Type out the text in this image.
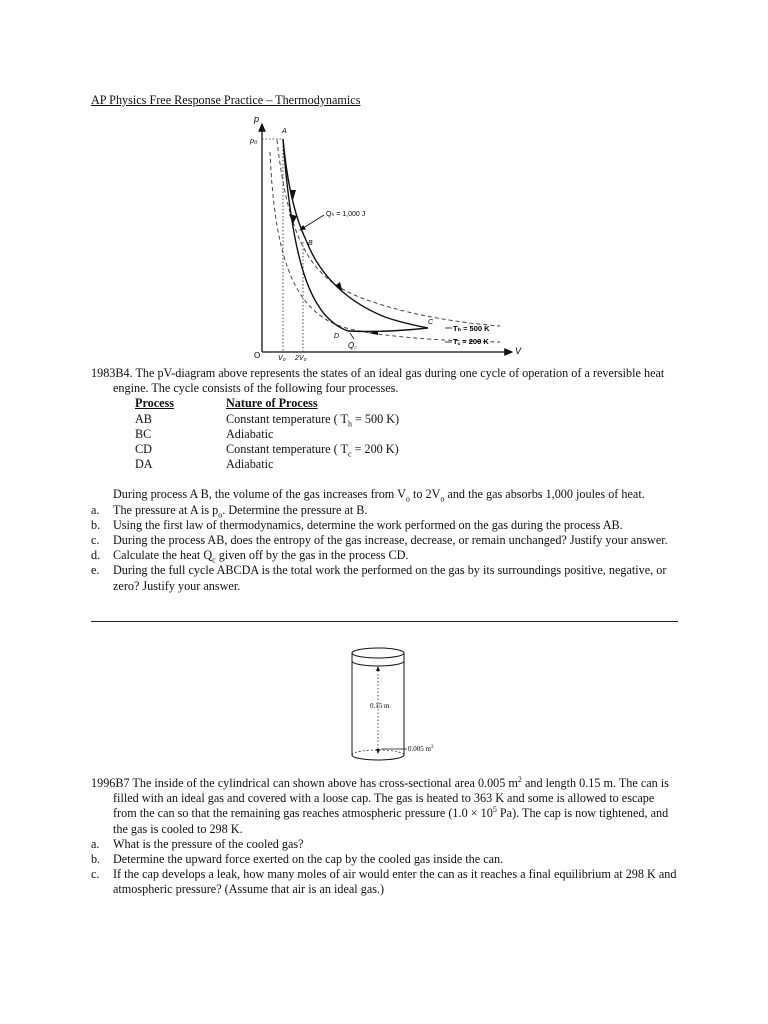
AP Physics Free Response Practice – Thermodynamics
p
V
O
p₀
V₀ 2V₀
Qₕ = 1,000 J
Q꜀
A
B
C
D
Tₕ = 500 K
T꜀ = 200 K
1983B4. The pV-diagram above represents the states of an ideal gas during one cycle of operation of a reversible heat engine. The cycle consists of the following four processes.
Process	Nature of Process
AB	Constant temperature ( $T_h = 500$ K)
BC	Adiabatic
CD	Constant temperature ( $T_c = 200$ K)
DA	Adiabatic
During process A B, the volume of the gas increases from $V_o$ to $2V_o$ and the gas absorbs 1,000 joules of heat.
a. The pressure at A is $p_o$. Determine the pressure at B.
b. Using the first law of thermodynamics, determine the work performed on the gas during the process AB.
c. During the process AB, does the entropy of the gas increase, decrease, or remain unchanged? Justify your answer.
d. Calculate the heat $Q_c$ given off by the gas in the process CD.
e. During the full cycle ABCDA is the total work the performed on the gas by its surroundings positive, negative, or zero? Justify your answer.
0.15 m
0.005 $m^2$
1996B7 The inside of the cylindrical can shown above has cross-sectional area 0.005 $m^2$ and length 0.15 m. The can is filled with an ideal gas and covered with a loose cap. The gas is heated to 363 K and some is allowed to escape from the can so that the remaining gas reaches atmospheric pressure ($1.0 \times 10^5$ Pa). The cap is now tightened, and the gas is cooled to 298 K.
a. What is the pressure of the cooled gas?
b. Determine the upward force exerted on the cap by the cooled gas inside the can.
c. If the cap develops a leak, how many moles of air would enter the can as it reaches a final equilibrium at 298 K and atmospheric pressure? (Assume that air is an ideal gas.)
